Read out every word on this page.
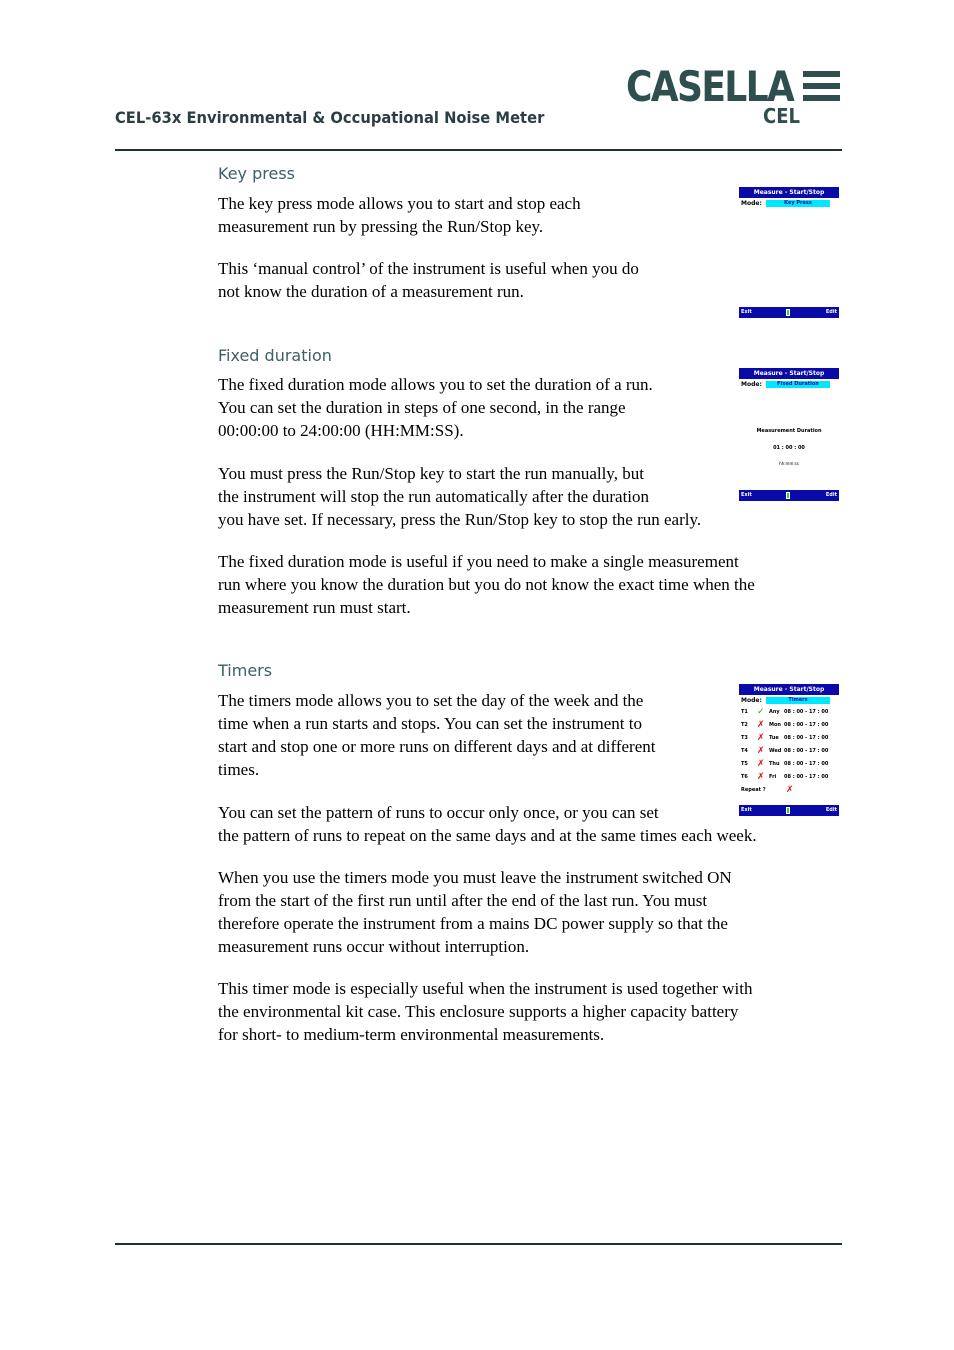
CEL-63x Environmental & Occupational Noise Meter
CASELLA
CEL
Key press

The key press mode allows you to start and stop each
measurement run by pressing the Run/Stop key.

This ‘manual control’ of the instrument is useful when you do
not know the duration of a measurement run.

Measure - Start/Stop
Mode:	Key Press
Exit	Edit
Fixed duration

The fixed duration mode allows you to set the duration of a run.
You can set the duration in steps of one second, in the range
00:00:00 to 24:00:00 (HH:MM:SS).

You must press the Run/Stop key to start the run manually, but
the instrument will stop the run automatically after the duration
you have set. If necessary, press the Run/Stop key to stop the run early.

The fixed duration mode is useful if you need to make a single measurement
run where you know the duration but you do not know the exact time when the
measurement run must start.

Measure - Start/Stop
Mode:	Fixed Duration
Measurement Duration
01 : 00 : 00
hh:mm:ss
Exit	Edit
Timers

The timers mode allows you to set the day of the week and the
time when a run starts and stops. You can set the instrument to
start and stop one or more runs on different days and at different
times.

You can set the pattern of runs to occur only once, or you can set
the pattern of runs to repeat on the same days and at the same times each week.

When you use the timers mode you must leave the instrument switched ON
from the start of the first run until after the end of the last run. You must
therefore operate the instrument from a mains DC power supply so that the
measurement runs occur without interruption.

This timer mode is especially useful when the instrument is used together with
the environmental kit case. This enclosure supports a higher capacity battery
for short- to medium-term environmental measurements.

Measure - Start/Stop
Mode:	Timers
T1 ✓ Any 08 : 00 - 17 : 00
T2 ✗ Mon 08 : 00 - 17 : 00
T3 ✗ Tue 08 : 00 - 17 : 00
T4 ✗ Wed 08 : 00 - 17 : 00
T5 ✗ Thu 08 : 00 - 17 : 00
T6 ✗ Fri 08 : 00 - 17 : 00
Repeat ? ✗
Exit	Edit
